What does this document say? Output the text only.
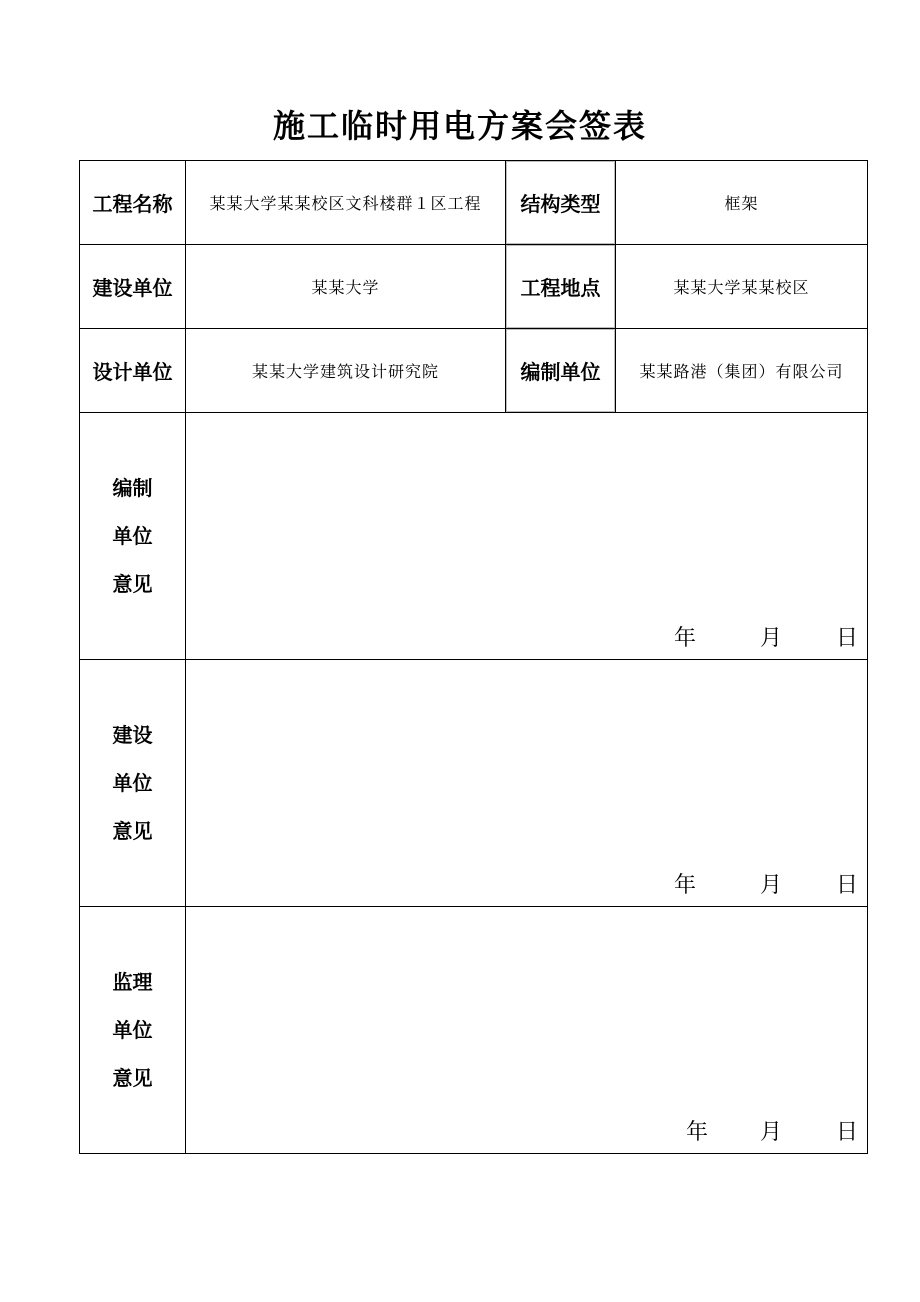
施工临时用电方案会签表
工程名称	某某大学某某校区文科楼群１区工程	结构类型	框架
建设单位	某某大学	工程地点	某某大学某某校区
设计单位	某某大学建筑设计研究院	编制单位	某某路港（集团）有限公司

编制
单位
意见	年 月 日		

建设
单位
意见	年 月 日		

监理
单位
意见	年 月 日		
